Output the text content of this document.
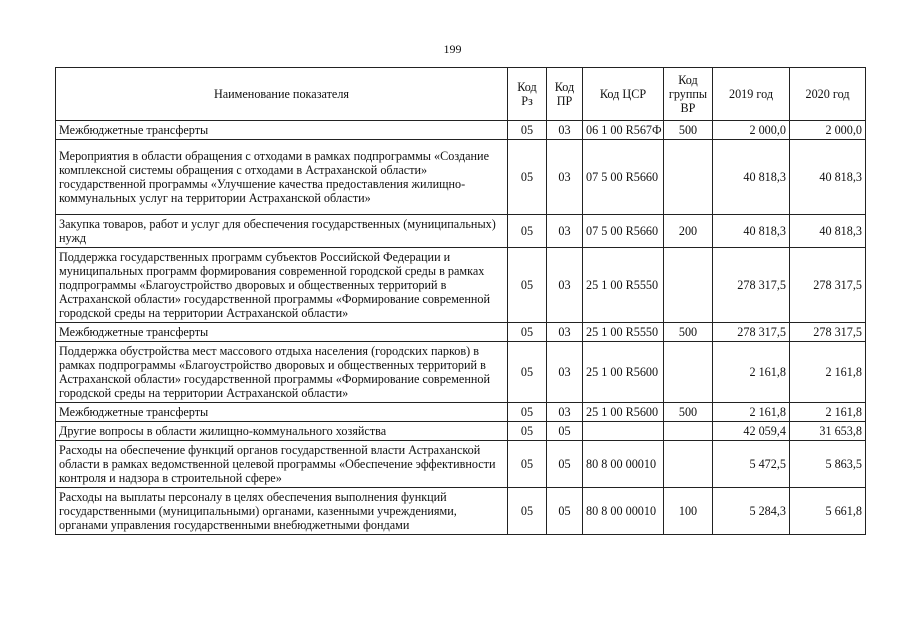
199
Наименование показателя	Код Рз	Код ПР	Код ЦСР	Код группы ВР	2019 год	2020 год
Межбюджетные трансферты	05	03	06 1 00 R567Ф	500	2 000,0	2 000,0
Мероприятия в области обращения с отходами в рамках подпрограммы «Создание комплексной системы обращения с отходами в Астраханской области» государственной программы «Улучшение качества предоставления жилищно-коммунальных услуг на территории Астраханской области»	05	03	07 5 00 R5660		40 818,3	40 818,3
Закупка товаров, работ и услуг для обеспечения государственных (муниципальных) нужд	05	03	07 5 00 R5660	200	40 818,3	40 818,3
Поддержка государственных программ субъектов Российской Федерации и муниципальных программ формирования современной городской среды в рамках подпрограммы «Благоустройство дворовых и общественных территорий в Астраханской области» государственной программы «Формирование современной городской среды на территории Астраханской области»	05	03	25 1 00 R5550		278 317,5	278 317,5
Межбюджетные трансферты	05	03	25 1 00 R5550	500	278 317,5	278 317,5
Поддержка обустройства мест массового отдыха населения (городских парков) в рамках подпрограммы «Благоустройство дворовых и общественных территорий в Астраханской области» государственной программы «Формирование современной городской среды на территории Астраханской области»	05	03	25 1 00 R5600		2 161,8	2 161,8
Межбюджетные трансферты	05	03	25 1 00 R5600	500	2 161,8	2 161,8
Другие вопросы в области жилищно-коммунального хозяйства	05	05			42 059,4	31 653,8
Расходы на обеспечение функций органов государственной власти Астраханской области в рамках ведомственной целевой программы «Обеспечение эффективности контроля и надзора в строительной сфере»	05	05	80 8 00 00010		5 472,5	5 863,5
Расходы на выплаты персоналу в целях обеспечения выполнения функций государственными (муниципальными) органами, казенными учреждениями, органами управления государственными внебюджетными фондами	05	05	80 8 00 00010	100	5 284,3	5 661,8
